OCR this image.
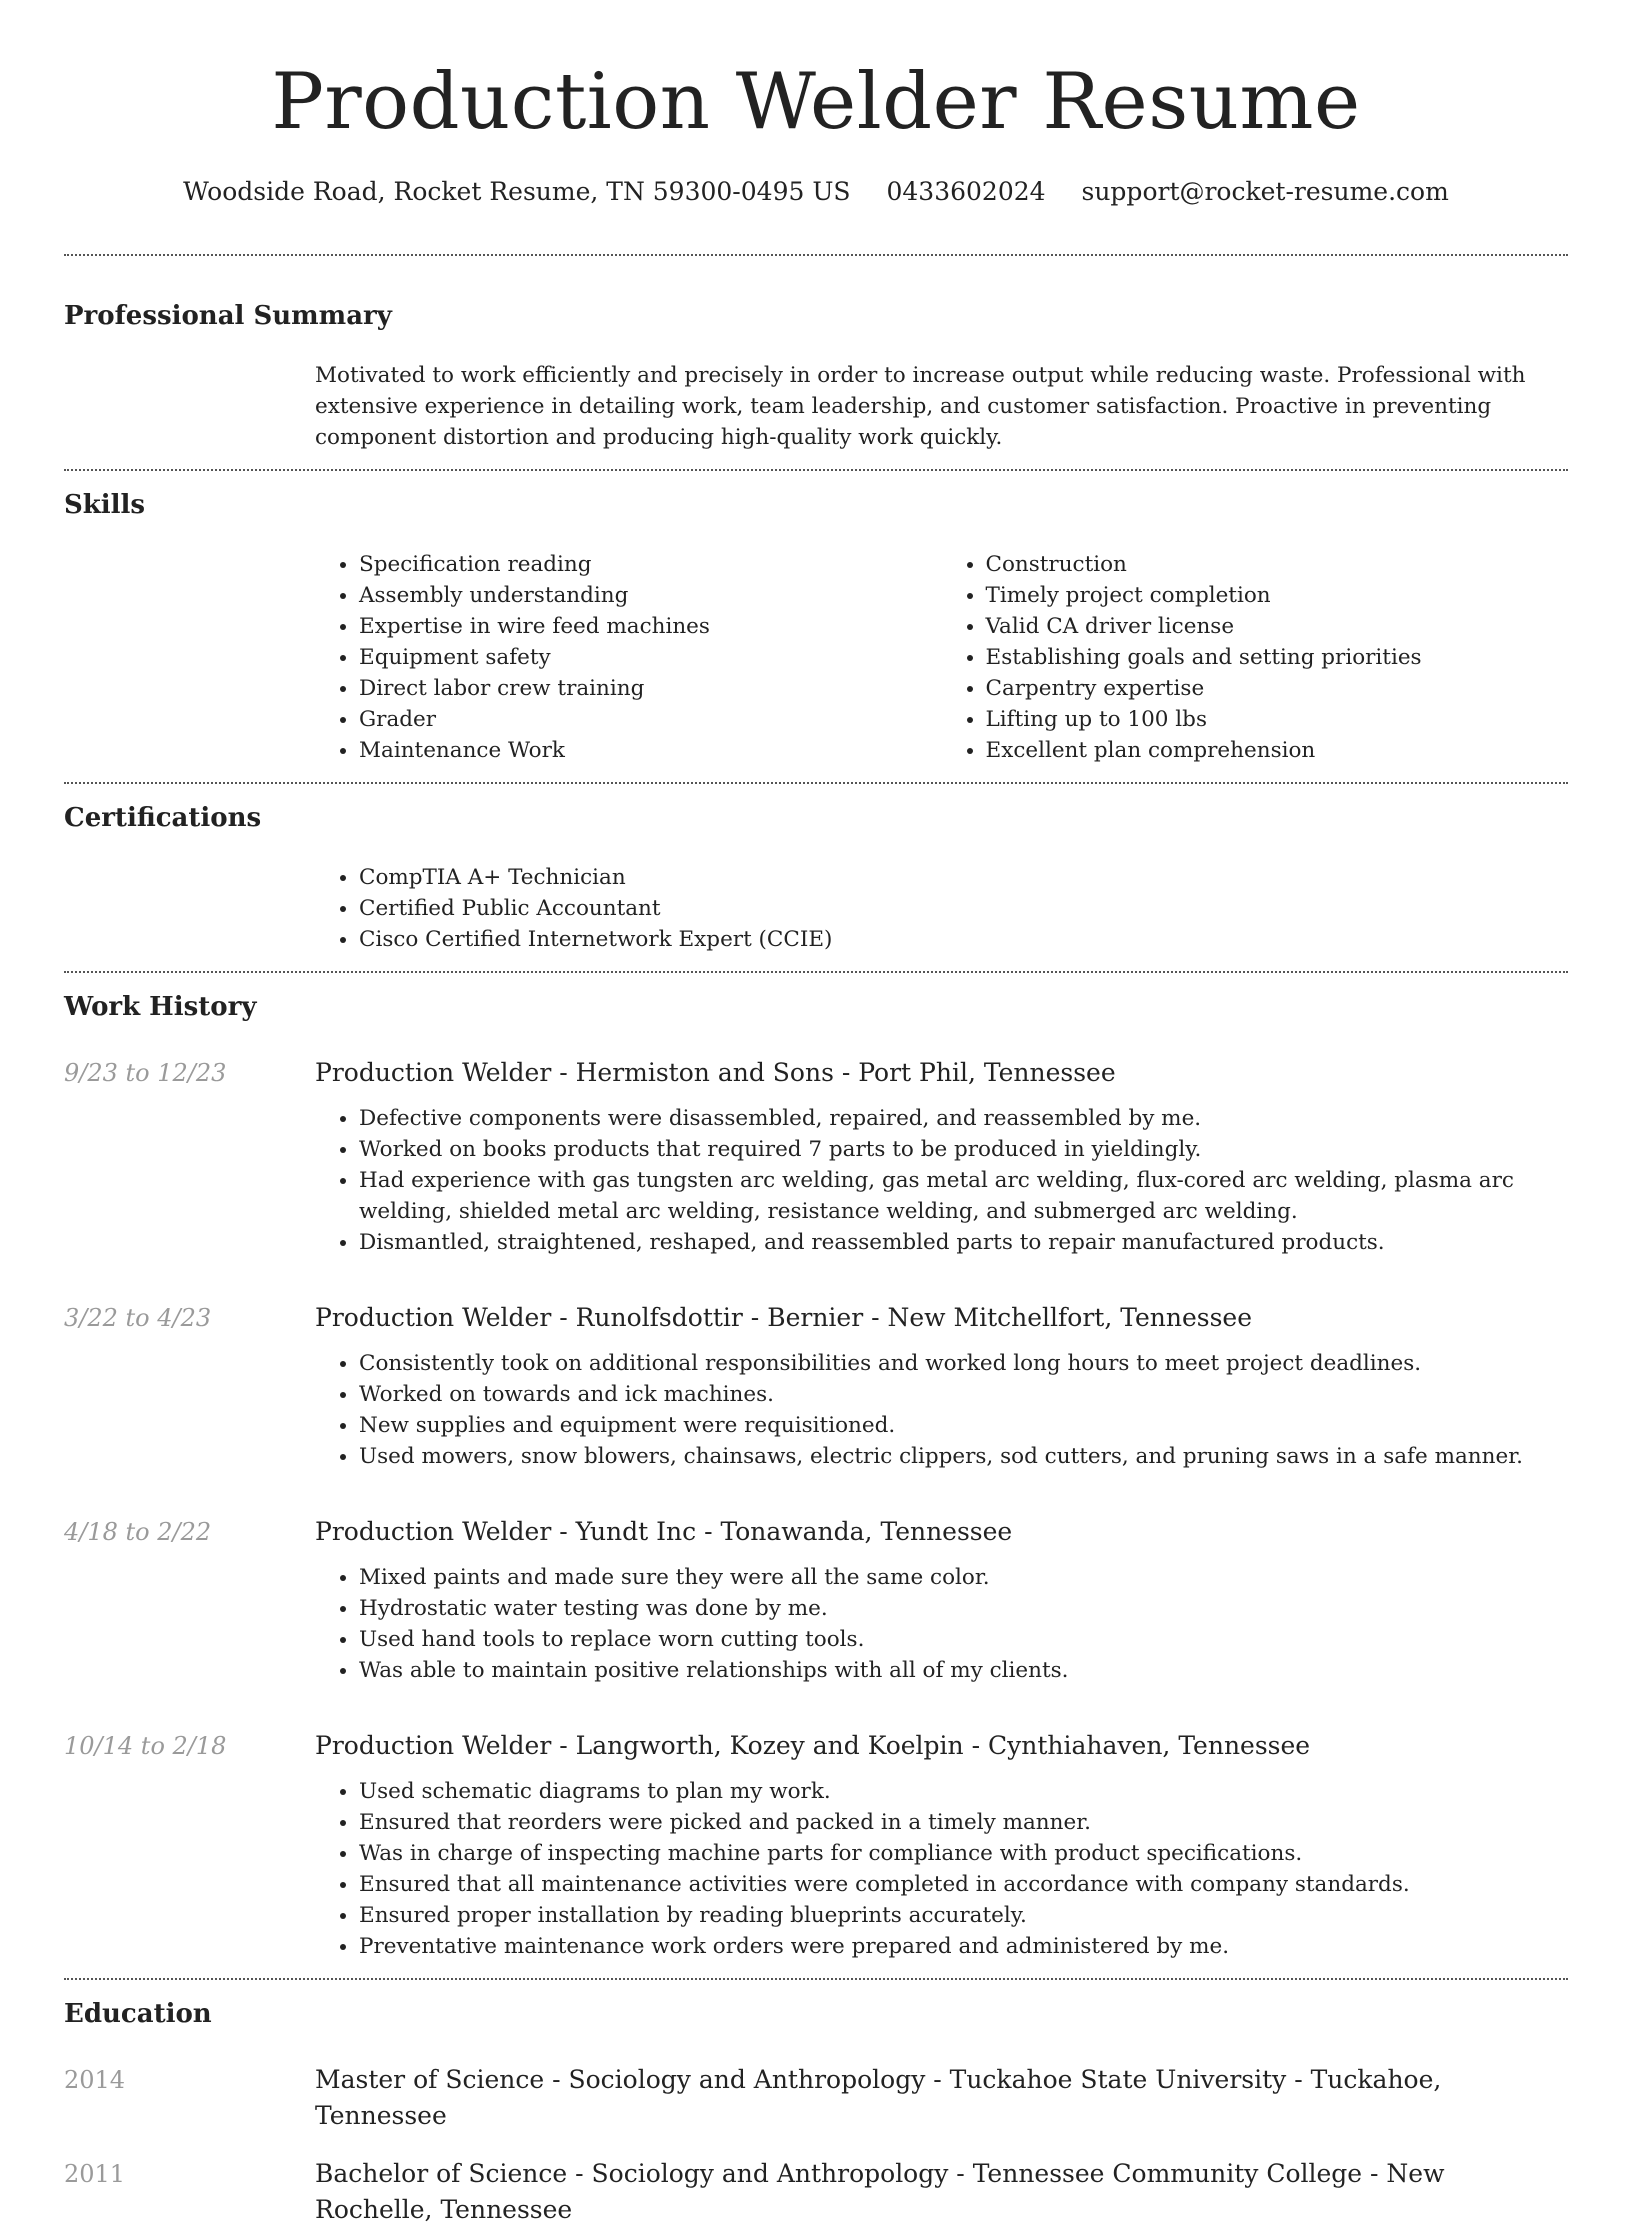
Production Welder Resume
Woodside Road, Rocket Resume, TN 59300-0495 US 0433602024 support@rocket-resume.com
Professional Summary
Motivated to work efficiently and precisely in order to increase output while reducing waste. Professional with extensive experience in detailing work, team leadership, and customer satisfaction. Proactive in preventing component distortion and producing high-quality work quickly.
Skills
• Specification reading
• Assembly understanding
• Expertise in wire feed machines
• Equipment safety
• Direct labor crew training
• Grader
• Maintenance Work
• Construction
• Timely project completion
• Valid CA driver license
• Establishing goals and setting priorities
• Carpentry expertise
• Lifting up to 100 lbs
• Excellent plan comprehension
Certifications
• CompTIA A+ Technician
• Certified Public Accountant
• Cisco Certified Internetwork Expert (CCIE)
Work History
9/23 to 12/23	Production Welder - Hermiston and Sons - Port Phil, Tennessee
• Defective components were disassembled, repaired, and reassembled by me.
• Worked on books products that required 7 parts to be produced in yieldingly.
• Had experience with gas tungsten arc welding, gas metal arc welding, flux-cored arc welding, plasma arc welding, shielded metal arc welding, resistance welding, and submerged arc welding.
• Dismantled, straightened, reshaped, and reassembled parts to repair manufactured products.
3/22 to 4/23	Production Welder - Runolfsdottir - Bernier - New Mitchellfort, Tennessee
• Consistently took on additional responsibilities and worked long hours to meet project deadlines.
• Worked on towards and ick machines.
• New supplies and equipment were requisitioned.
• Used mowers, snow blowers, chainsaws, electric clippers, sod cutters, and pruning saws in a safe manner.
4/18 to 2/22	Production Welder - Yundt Inc - Tonawanda, Tennessee
• Mixed paints and made sure they were all the same color.
• Hydrostatic water testing was done by me.
• Used hand tools to replace worn cutting tools.
• Was able to maintain positive relationships with all of my clients.
10/14 to 2/18	Production Welder - Langworth, Kozey and Koelpin - Cynthiahaven, Tennessee
• Used schematic diagrams to plan my work.
• Ensured that reorders were picked and packed in a timely manner.
• Was in charge of inspecting machine parts for compliance with product specifications.
• Ensured that all maintenance activities were completed in accordance with company standards.
• Ensured proper installation by reading blueprints accurately.
• Preventative maintenance work orders were prepared and administered by me.
Education
2014	Master of Science - Sociology and Anthropology - Tuckahoe State University - Tuckahoe, Tennessee
2011	Bachelor of Science - Sociology and Anthropology - Tennessee Community College - New Rochelle, Tennessee
